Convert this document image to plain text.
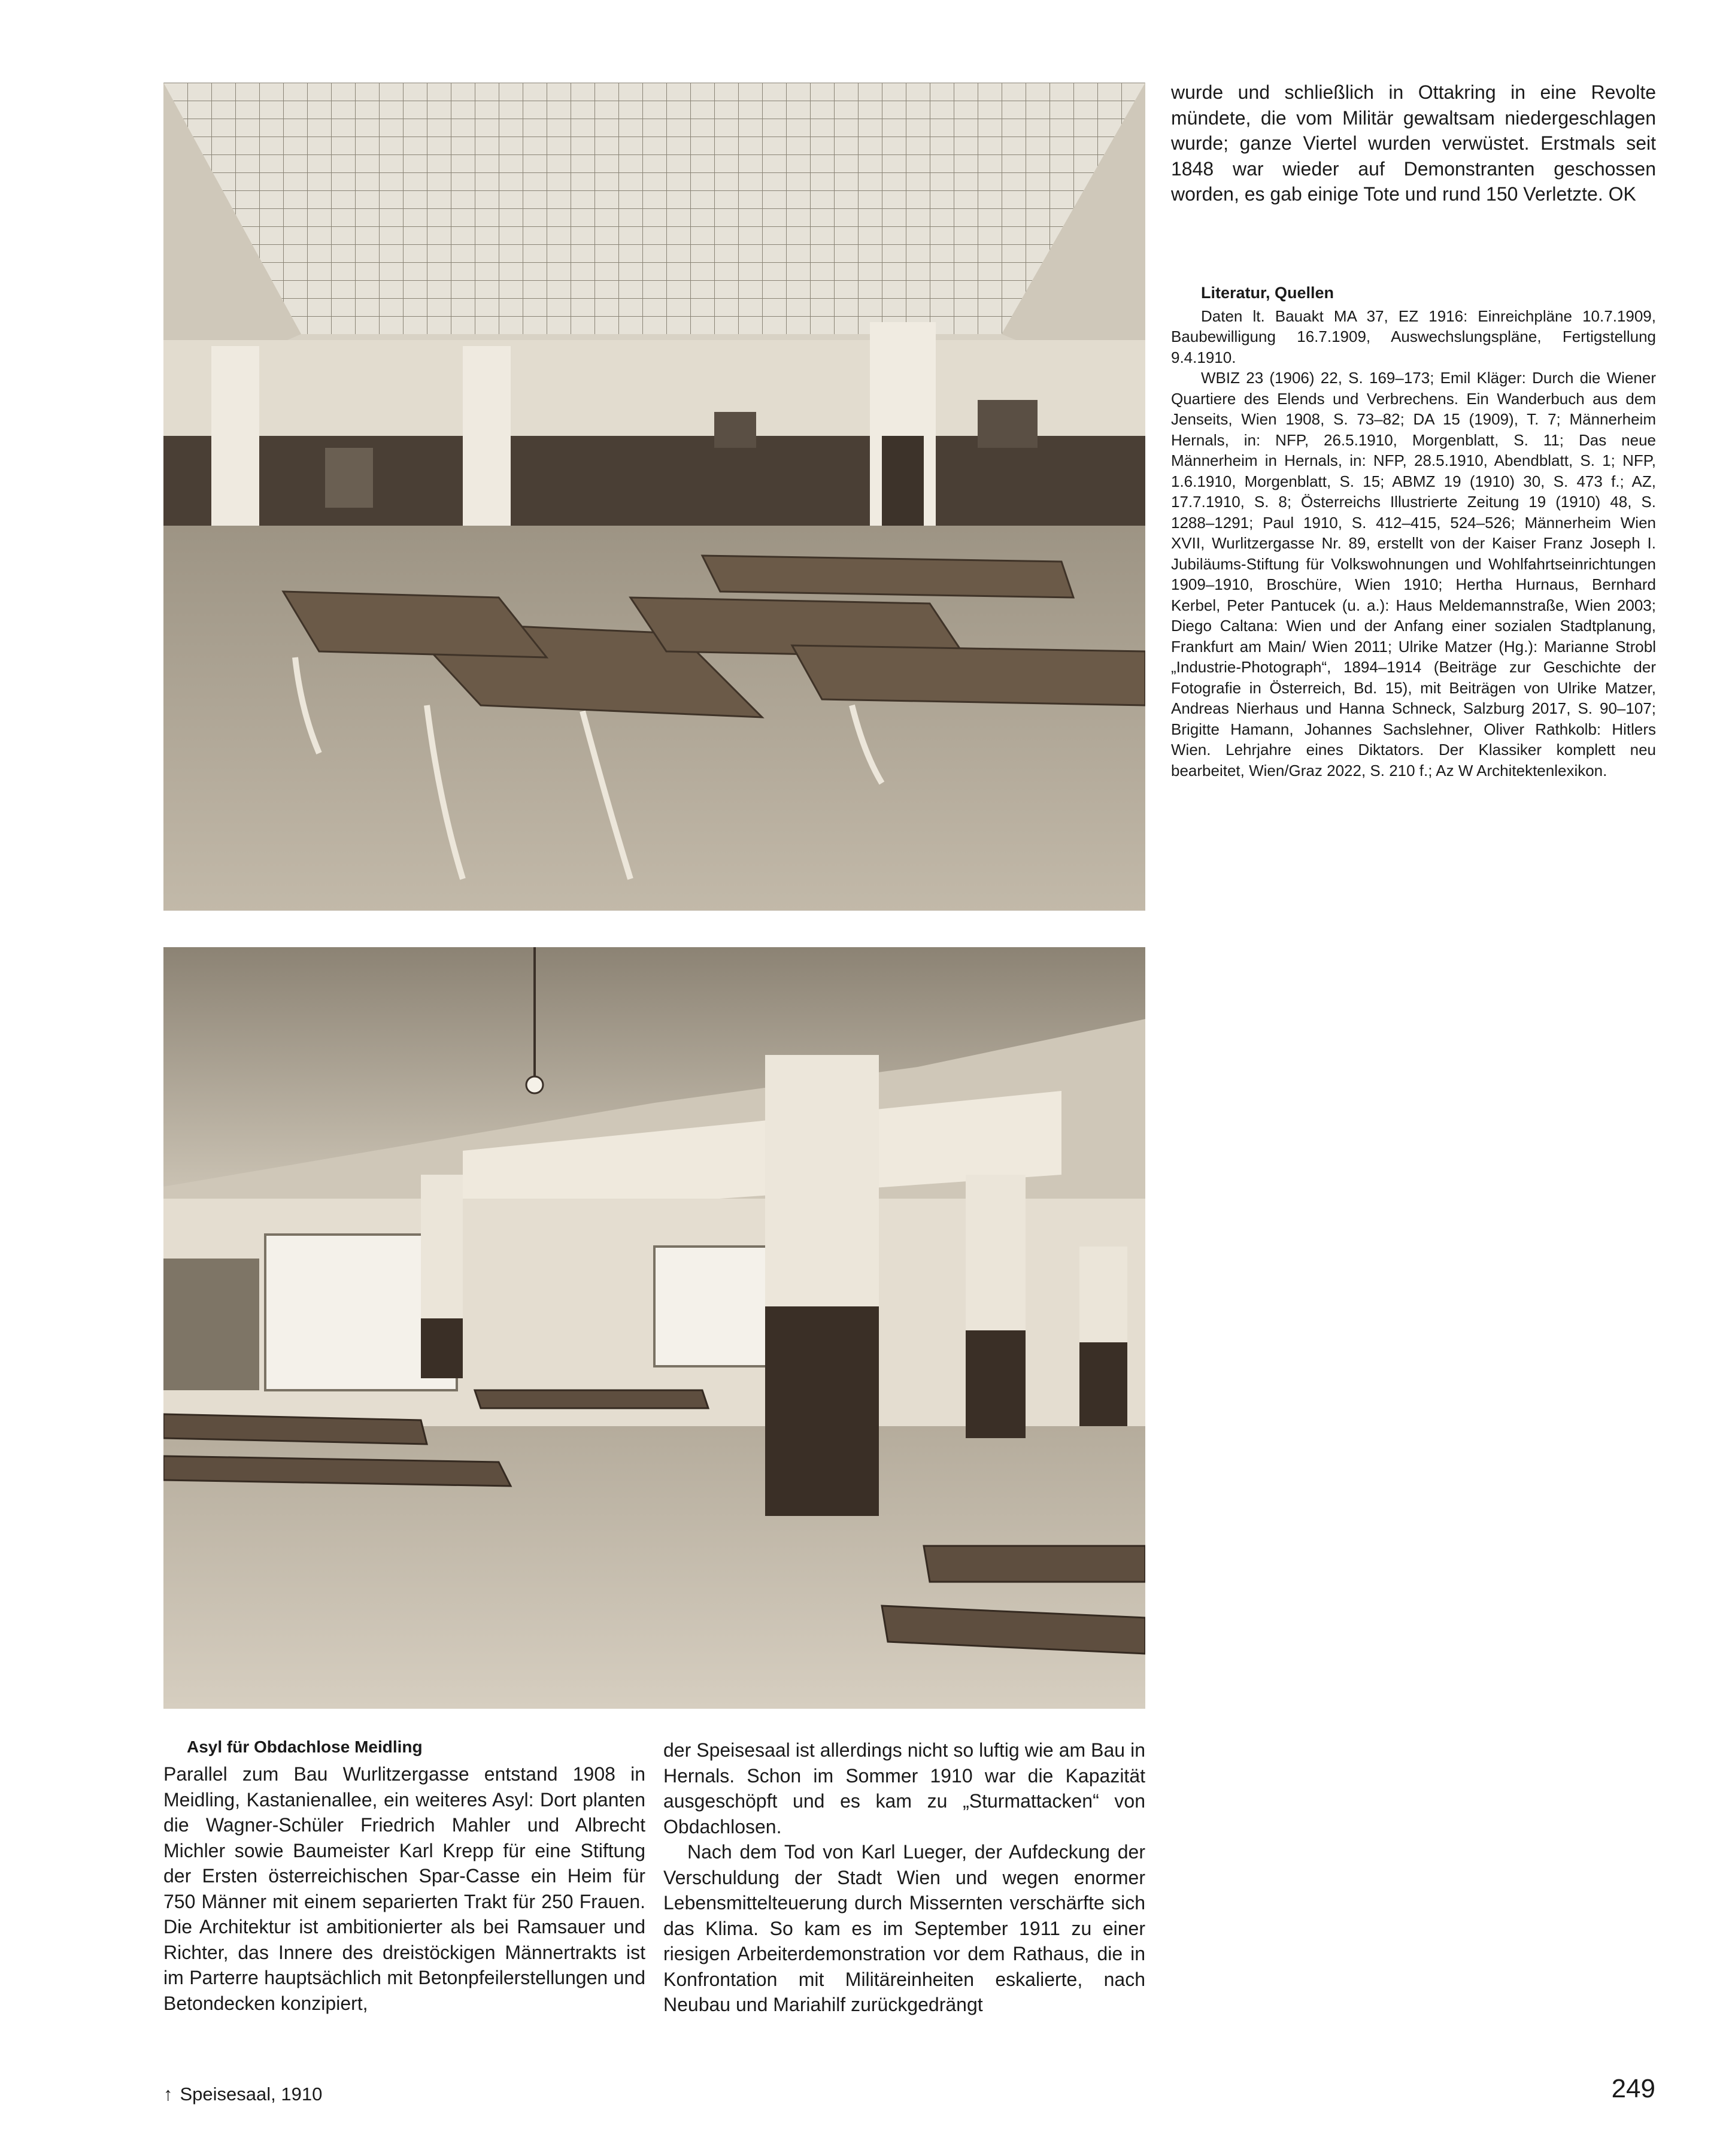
wurde und schließlich in Ottakring in eine Revolte mündete, die vom Militär gewaltsam niedergeschlagen wurde; ganze Viertel wurden verwüstet. Erstmals seit 1848 war wieder auf Demonstranten geschossen worden, es gab einige Tote und rund 150 Verletzte. OK

Literatur, Quellen

Daten lt. Bauakt MA 37, EZ 1916: Einreichpläne 10.7.1909, Baubewilligung 16.7.1909, Auswechslungspläne, Fertigstellung 9.4.1910.

WBIZ 23 (1906) 22, S. 169–173; Emil Kläger: Durch die Wiener Quartiere des Elends und Verbrechens. Ein Wanderbuch aus dem Jenseits, Wien 1908, S. 73–82; DA 15 (1909), T. 7; Männerheim Hernals, in: NFP, 26.5.1910, Morgenblatt, S. 11; Das neue Männerheim in Hernals, in: NFP, 28.5.1910, Abendblatt, S. 1; NFP, 1.6.1910, Morgenblatt, S. 15; ABMZ 19 (1910) 30, S. 473 f.; AZ, 17.7.1910, S. 8; Österreichs Illustrierte Zeitung 19 (1910) 48, S. 1288–1291; Paul 1910, S. 412–415, 524–526; Männerheim Wien XVII, Wurlitzergasse Nr. 89, erstellt von der Kaiser Franz Joseph I. Jubiläums-Stiftung für Volkswohnungen und Wohlfahrtseinrichtungen 1909–1910, Broschüre, Wien 1910; Hertha Hurnaus, Bernhard Kerbel, Peter Pantucek (u. a.): Haus Meldemannstraße, Wien 2003; Diego Caltana: Wien und der Anfang einer sozialen Stadtplanung, Frankfurt am Main/ Wien 2011; Ulrike Matzer (Hg.): Marianne Strobl „Industrie-Photograph“, 1894–1914 (Beiträge zur Geschichte der Fotografie in Österreich, Bd. 15), mit Beiträgen von Ulrike Matzer, Andreas Nierhaus und Hanna Schneck, Salzburg 2017, S. 90–107; Brigitte Hamann, Johannes Sachslehner, Oliver Rathkolb: Hitlers Wien. Lehrjahre eines Diktators. Der Klassiker komplett neu bearbeitet, Wien/Graz 2022, S. 210 f.; Az W Architektenlexikon.

Asyl für Obdachlose Meidling

Parallel zum Bau Wurlitzergasse entstand 1908 in Meidling, Kastanienallee, ein weiteres Asyl: Dort planten die Wagner-Schüler Friedrich Mahler und Albrecht Michler sowie Baumeister Karl Krepp für eine Stiftung der Ersten österreichischen Spar-Casse ein Heim für 750 Männer mit einem separierten Trakt für 250 Frauen. Die Architektur ist ambitionierter als bei Ramsauer und Richter, das Innere des dreistöckigen Männertrakts ist im Parterre hauptsächlich mit Betonpfeilerstellungen und Betondecken konzipiert,

der Speisesaal ist allerdings nicht so luftig wie am Bau in Hernals. Schon im Sommer 1910 war die Kapazität ausgeschöpft und es kam zu „Sturmattacken“ von Obdachlosen.

Nach dem Tod von Karl Lueger, der Aufdeckung der Verschuldung der Stadt Wien und wegen enormer Lebensmittelteuerung durch Missernten verschärfte sich das Klima. So kam es im September 1911 zu einer riesigen Arbeiterdemonstration vor dem Rathaus, die in Konfrontation mit Militäreinheiten eskalierte, nach Neubau und Mariahilf zurückgedrängt

↑ Speisesaal, 1910	249
